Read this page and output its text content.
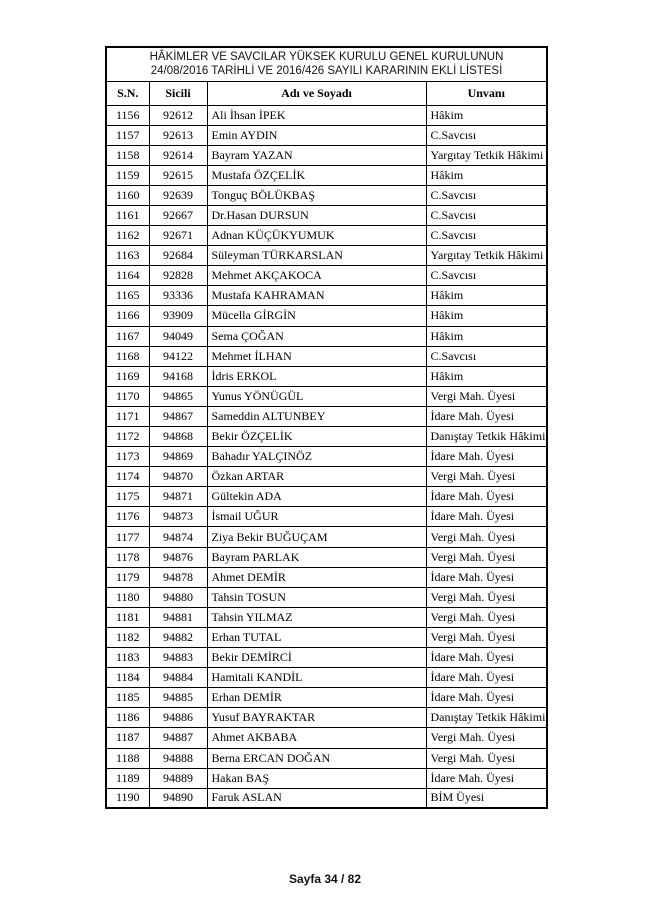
HÂKİMLER VE SAVCILAR YÜKSEK KURULU GENEL KURULUNUN
24/08/2016 TARİHLİ VE 2016/426 SAYILI KARARININ EKLİ LİSTESİ			

S.N.	Sicili	Adı ve Soyadı	Unvanı
1156	92612	Ali İhsan İPEK	Hâkim
1157	92613	Emin AYDIN	C.Savcısı
1158	92614	Bayram YAZAN	Yargıtay Tetkik Hâkimi
1159	92615	Mustafa ÖZÇELİK	Hâkim
1160	92639	Tonguç BÖLÜKBAŞ	C.Savcısı
1161	92667	Dr.Hasan DURSUN	C.Savcısı
1162	92671	Adnan KÜÇÜKYUMUK	C.Savcısı
1163	92684	Süleyman TÜRKARSLAN	Yargıtay Tetkik Hâkimi
1164	92828	Mehmet AKÇAKOCA	C.Savcısı
1165	93336	Mustafa KAHRAMAN	Hâkim
1166	93909	Mücella GİRGİN	Hâkim
1167	94049	Sema ÇOĞAN	Hâkim
1168	94122	Mehmet İLHAN	C.Savcısı
1169	94168	İdris ERKOL	Hâkim
1170	94865	Yunus YÖNÜGÜL	Vergi Mah. Üyesi
1171	94867	Sameddin ALTUNBEY	İdare Mah. Üyesi
1172	94868	Bekir ÖZÇELİK	Danıştay Tetkik Hâkimi
1173	94869	Bahadır YALÇINÖZ	İdare Mah. Üyesi
1174	94870	Özkan ARTAR	Vergi Mah. Üyesi
1175	94871	Gültekin ADA	İdare Mah. Üyesi
1176	94873	İsmail UĞUR	İdare Mah. Üyesi
1177	94874	Ziya Bekir BUĞUÇAM	Vergi Mah. Üyesi
1178	94876	Bayram PARLAK	Vergi Mah. Üyesi
1179	94878	Ahmet DEMİR	İdare Mah. Üyesi
1180	94880	Tahsin TOSUN	Vergi Mah. Üyesi
1181	94881	Tahsin YILMAZ	Vergi Mah. Üyesi
1182	94882	Erhan TUTAL	Vergi Mah. Üyesi
1183	94883	Bekir DEMİRCİ	İdare Mah. Üyesi
1184	94884	Hamitali KANDİL	İdare Mah. Üyesi
1185	94885	Erhan DEMİR	İdare Mah. Üyesi
1186	94886	Yusuf BAYRAKTAR	Danıştay Tetkik Hâkimi
1187	94887	Ahmet AKBABA	Vergi Mah. Üyesi
1188	94888	Berna ERCAN DOĞAN	Vergi Mah. Üyesi
1189	94889	Hakan BAŞ	İdare Mah. Üyesi
1190	94890	Faruk ASLAN	BİM Üyesi
Sayfa 34 / 82
